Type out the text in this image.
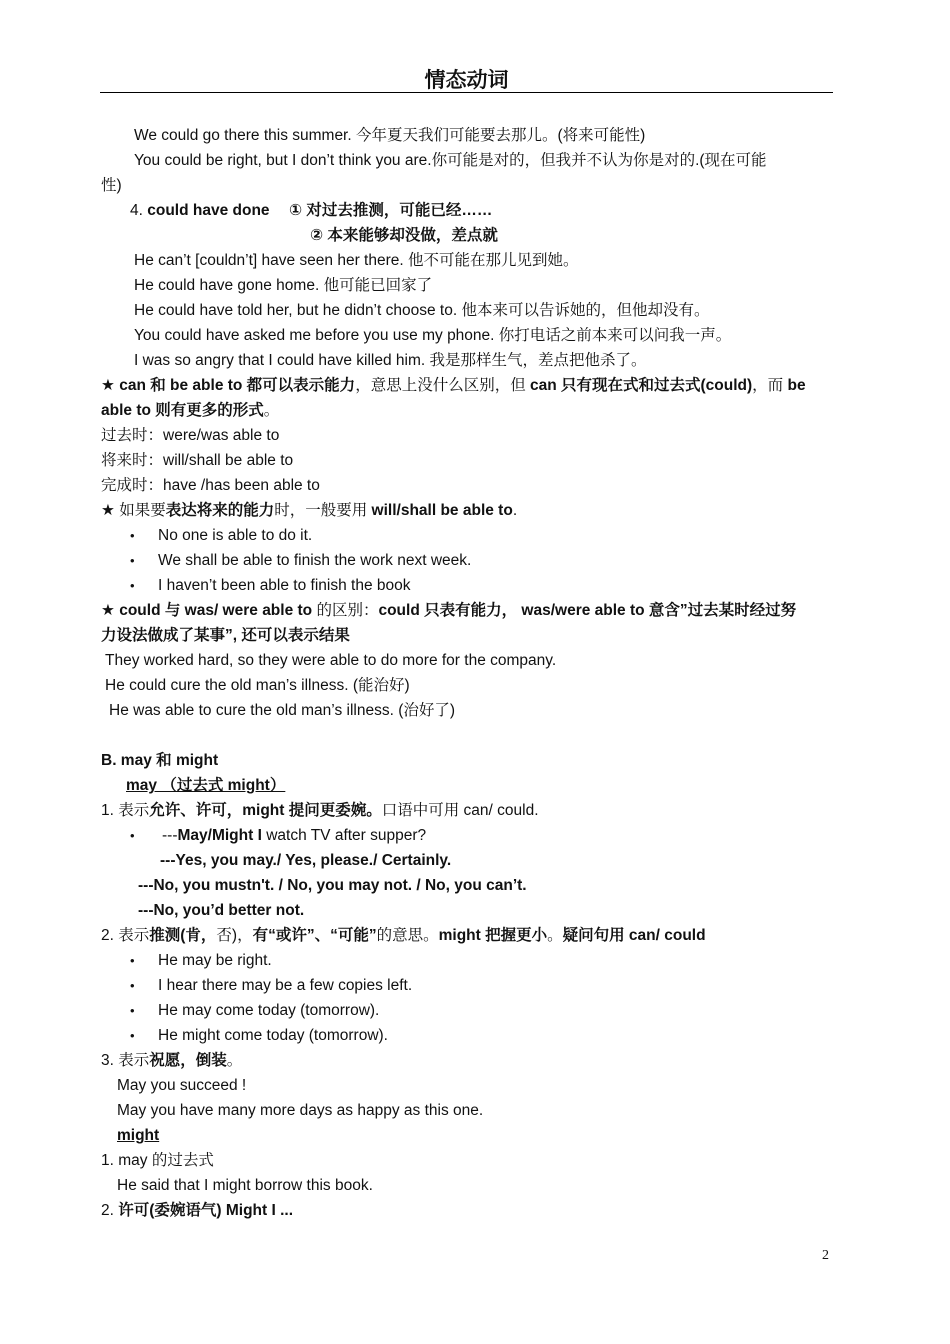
情态动词
We could go there this summer. 今年夏天我们可能要去那儿。(将来可能性)
You could be right, but I don’t think you are.你可能是对的，但我并不认为你是对的.(现在可能
性)
4. could have done ① 对过去推测，可能已经……
② 本来能够却没做，差点就
He can’t [couldn’t] have seen her there. 他不可能在那儿见到她。
He could have gone home. 他可能已回家了
He could have told her, but he didn’t choose to. 他本来可以告诉她的，但他却没有。
You could have asked me before you use my phone. 你打电话之前本来可以问我一声。
I was so angry that I could have killed him. 我是那样生气，差点把他杀了。
★ can 和 be able to 都可以表示能力，意思上没什么区别，但 can 只有现在式和过去式(could)，而 be
able to 则有更多的形式。
过去时：were/was able to
将来时：will/shall be able to
完成时：have /has been able to
★ 如果要表达将来的能力时，一般要用 will/shall be able to.
• No one is able to do it.
• We shall be able to finish the work next week.
• I haven’t been able to finish the book
★ could 与 was/ were able to 的区别：could 只表有能力， was/were able to 意含”过去某时经过努
力设法做成了某事”, 还可以表示结果
They worked hard, so they were able to do more for the company.
He could cure the old man’s illness. (能治好)
He was able to cure the old man’s illness. (治好了)
B. may 和 might
may （过去式 might）
1. 表示允许、许可，might 提问更委婉。口语中可用 can/ could.
• ---May/Might I watch TV after supper?
---Yes, you may./ Yes, please./ Certainly.
---No, you mustn't. / No, you may not. / No, you can’t.
---No, you’d better not.
2. 表示推测(肯，否)，有“或许”、“可能”的意思。might 把握更小。疑问句用 can/ could
• He may be right.
• I hear there may be a few copies left.
• He may come today (tomorrow).
• He might come today (tomorrow).
3. 表示祝愿，倒装。
May you succeed !
May you have many more days as happy as this one.
might
1. may 的过去式
He said that I might borrow this book.
2. 许可(委婉语气) Might I ...
2
